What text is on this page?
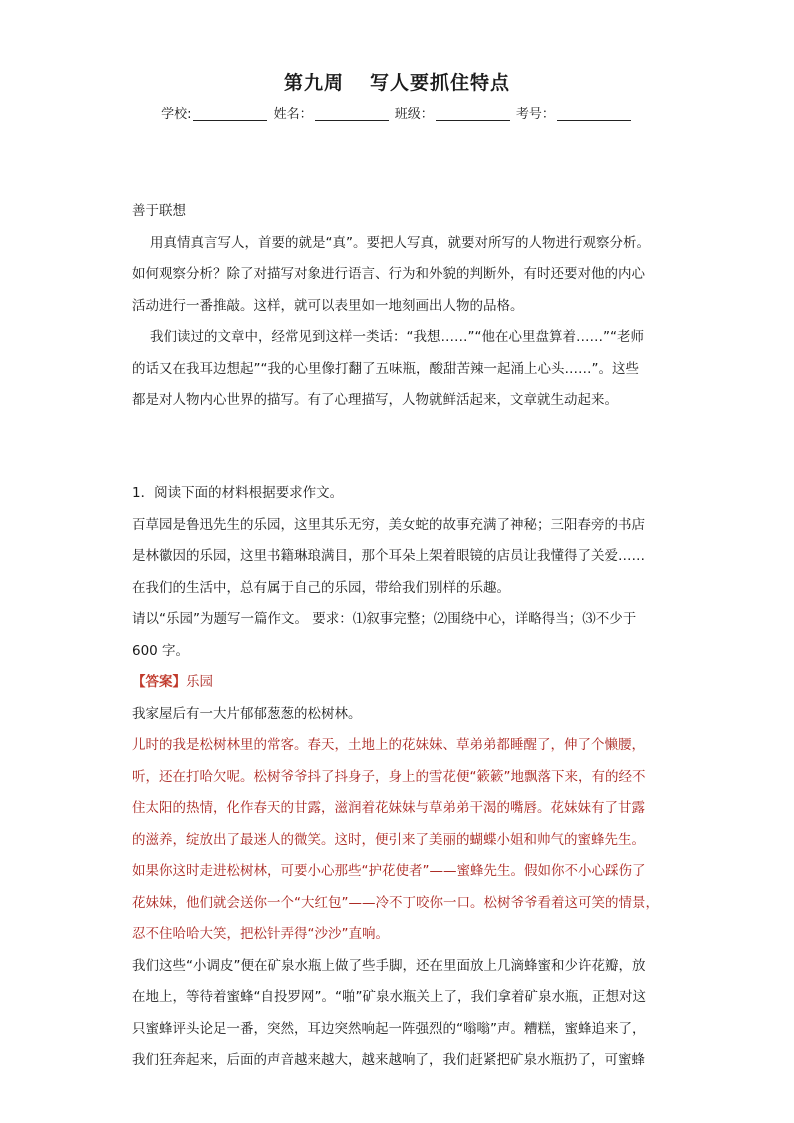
第九周 写人要抓住特点
学校:	姓名：	班级：	考号：
善于联想
用真情真言写人，首要的就是“真”。要把人写真，就要对所写的人物进行观察分析。
如何观察分析？除了对描写对象进行语言、行为和外貌的判断外，有时还要对他的内心
活动进行一番推敲。这样，就可以表里如一地刻画出人物的品格。
我们读过的文章中，经常见到这样一类话：“我想……”“他在心里盘算着……”“老师
的话又在我耳边想起”“我的心里像打翻了五味瓶，酸甜苦辣一起涌上心头……”。这些
都是对人物内心世界的描写。有了心理描写，人物就鲜活起来，文章就生动起来。
1．阅读下面的材料根据要求作文。
百草园是鲁迅先生的乐园，这里其乐无穷，美女蛇的故事充满了神秘；三阳春旁的书店
是林徽因的乐园，这里书籍琳琅满目，那个耳朵上架着眼镜的店员让我懂得了关爱……
在我们的生活中，总有属于自己的乐园，带给我们别样的乐趣。
请以“乐园”为题写一篇作文。 要求：⑴叙事完整；⑵围绕中心，详略得当；⑶不少于
600 字。
【答案】乐园
我家屋后有一大片郁郁葱葱的松树林。
儿时的我是松树林里的常客。春天，土地上的花妹妹、草弟弟都睡醒了，伸了个懒腰，
听，还在打哈欠呢。松树爷爷抖了抖身子，身上的雪花便“簌簌”地飘落下来，有的经不
住太阳的热情，化作春天的甘露，滋润着花妹妹与草弟弟干渴的嘴唇。花妹妹有了甘露
的滋养，绽放出了最迷人的微笑。这时，便引来了美丽的蝴蝶小姐和帅气的蜜蜂先生。
如果你这时走进松树林，可要小心那些“护花使者”——蜜蜂先生。假如你不小心踩伤了
花妹妹，他们就会送你一个“大红包”——冷不丁咬你一口。松树爷爷看着这可笑的情景，
忍不住哈哈大笑，把松针弄得“沙沙”直响。
我们这些“小调皮”便在矿泉水瓶上做了些手脚，还在里面放上几滴蜂蜜和少许花瓣，放
在地上，等待着蜜蜂“自投罗网”。“啪”矿泉水瓶关上了，我们拿着矿泉水瓶，正想对这
只蜜蜂评头论足一番，突然，耳边突然响起一阵强烈的“嗡嗡”声。糟糕，蜜蜂追来了，
我们狂奔起来，后面的声音越来越大，越来越响了，我们赶紧把矿泉水瓶扔了，可蜜蜂
